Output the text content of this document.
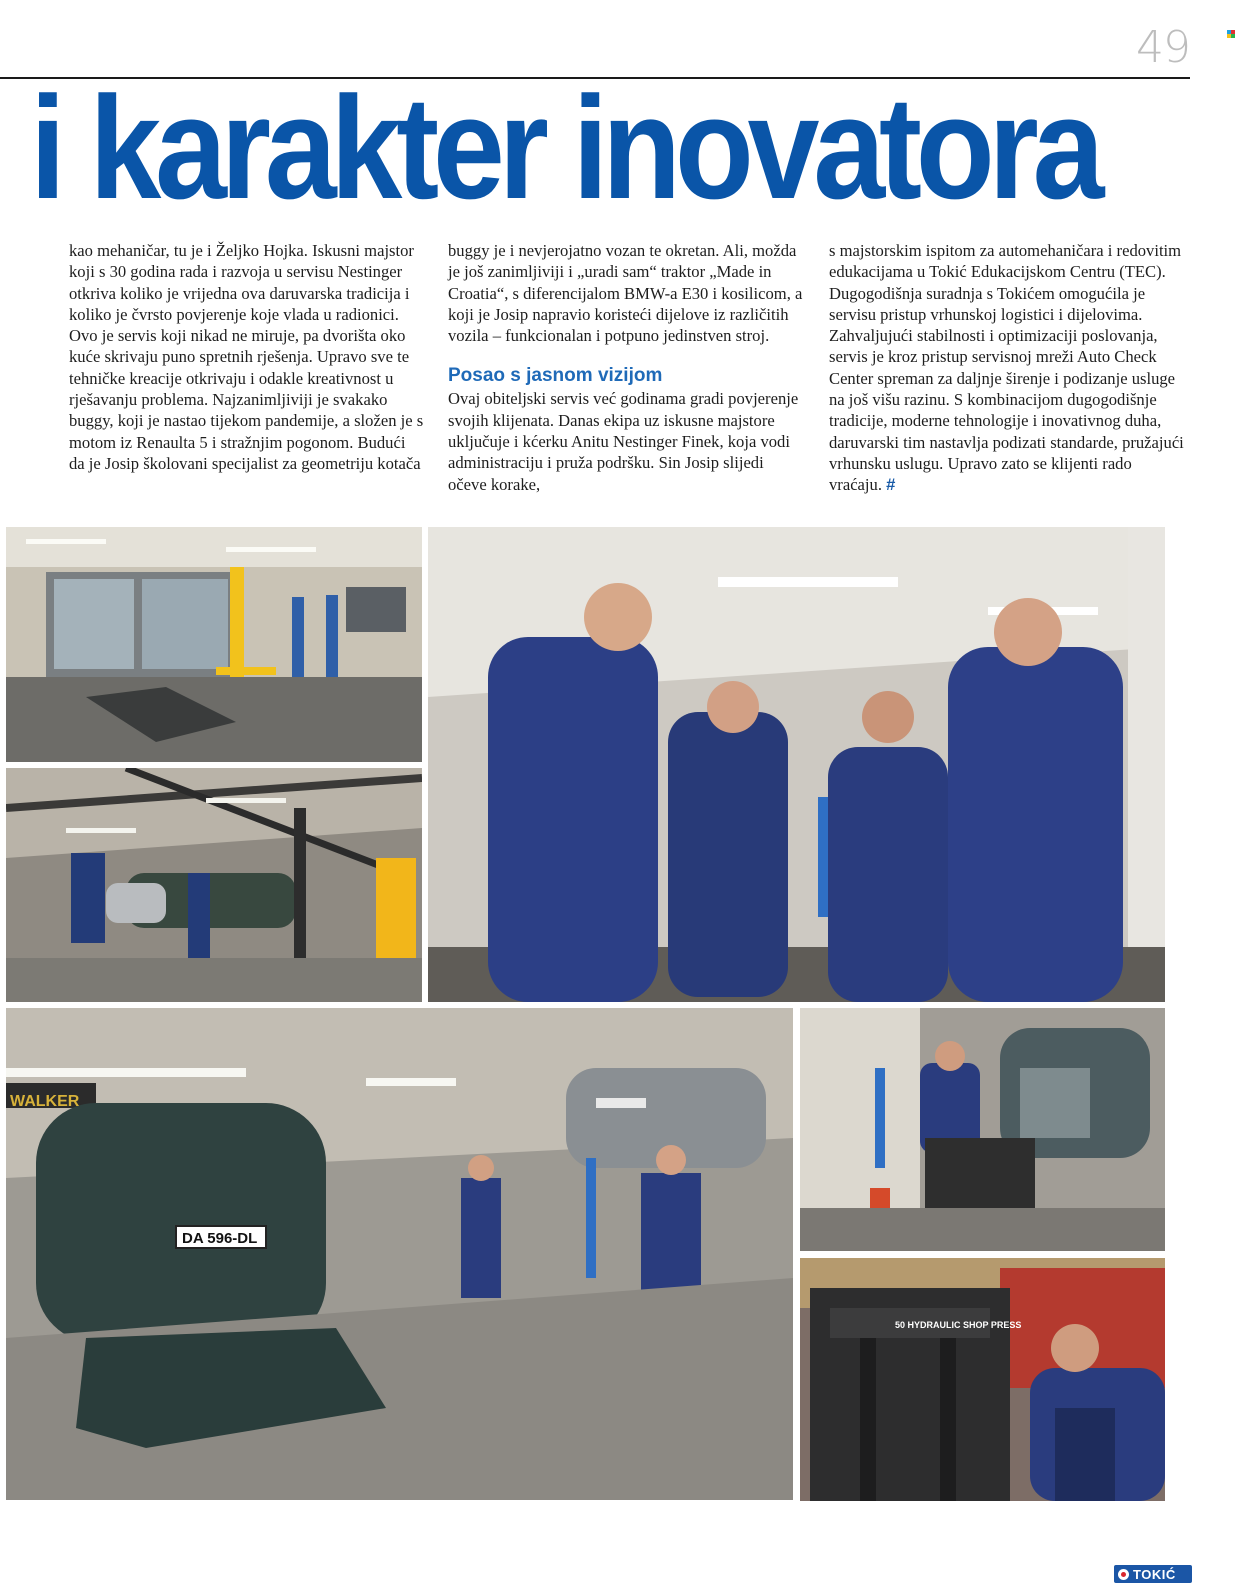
49
i karakter inovatora

kao mehaničar, tu je i Željko Hojka. Iskusni majstor koji s 30 godina rada i razvoja u servisu Nestinger otkriva koliko je vrijedna ova daruvarska tradicija i koliko je čvrsto povjerenje koje vlada u radionici.

Ovo je servis koji nikad ne miruje, pa dvorišta oko kuće skrivaju puno spretnih rješenja. Upravo sve te tehničke kreacije otkrivaju i odakle kreativnost u rješavanju problema. Najzanimljiviji je svakako buggy, koji je nastao tijekom pandemije, a složen je s motom iz Renaulta 5 i stražnjim pogonom. Budući da je Josip školovani specijalist za geometriju kotača

buggy je i nevjerojatno vozan te okretan. Ali, možda je još zanimljiviji i „uradi sam“ traktor „Made in Croatia“, s diferencijalom BMW-a E30 i kosilicom, a koji je Josip napravio koristeći dijelove iz različitih vozila – funkcionalan i potpuno jedinstven stroj.

Posao s jasnom vizijom

Ovaj obiteljski servis već godinama gradi povjerenje svojih klijenata. Danas ekipa uz iskusne majstore uključuje i kćerku Anitu Nestinger Finek, koja vodi administraciju i pruža podršku. Sin Josip slijedi očeve korake,

s majstorskim ispitom za automehaničara i redovitim edukacijama u Tokić Edukacijskom Centru (TEC).

Dugogodišnja suradnja s Tokićem omogućila je servisu pristup vrhunskoj logistici i dijelovima. Zahvaljujući stabilnosti i optimizaciji poslovanja, servis je kroz pristup servisnoj mreži Auto Check Center spreman za daljnje širenje i podizanje usluge na još višu razinu. S kombinacijom dugogodišnje tradicije, moderne tehnologije i inovativnog duha, daruvarski tim nastavlja podizati standarde, pružajući vrhunsku uslugu. Upravo zato se klijenti rado vraćaju. #

DA 596-DL
WALKER
50 HYDRAULIC SHOP PRESS
TOKIĆ
